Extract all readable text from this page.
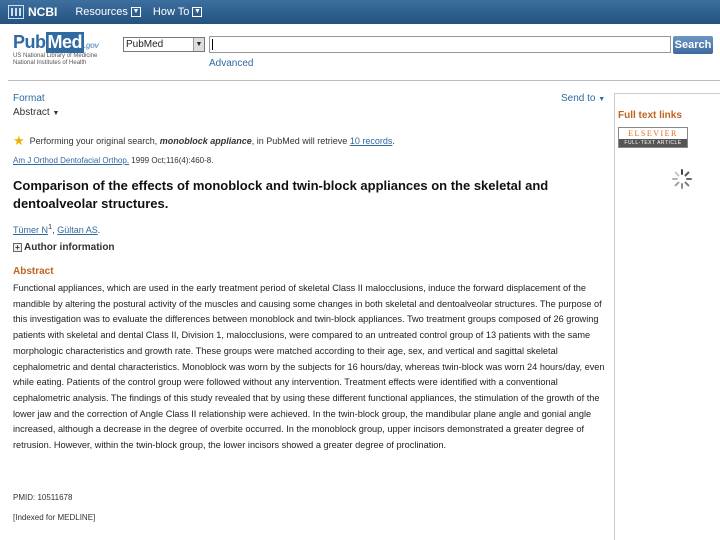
NCBI Resources ▼ How To ▼
Pub Med .gov
US National Library of Medicine
National Institutes of Health
PubMed	▼	Search
Advanced
Format
Abstract ▼
Send to ▼
Full text links
ELSEVIER
FULL-TEXT ARTICLE
★ Performing your original search,
monoblock appliance , in PubMed will retrieve
10 records .
Am J Orthod Dentofacial Orthop. 1999 Oct;116(4):460-8.
Comparison of the effects of monoblock and twin-block appliances on the skeletal and dentoalveolar structures.
Tümer $N^1$, Gültan AS.
+ Author information
Abstract
Functional appliances, which are used in the early treatment period of skeletal Class II malocclusions, induce the forward displacement of the mandible by altering the postural activity of the muscles and causing some changes in both skeletal and dentoalveolar structures. The purpose of this investigation was to evaluate the differences between monoblock and twin-block appliances. Two treatment groups composed of 26 growing patients with skeletal and dental Class II, Division 1, malocclusions, were compared to an untreated control group of 13 patients with the same morphologic characteristics and growth rate. These groups were matched according to their age, sex, and vertical and sagittal skeletal cephalometric and dental characteristics. Monoblock was worn by the subjects for 16 hours/day, whereas twin-block was worn 24 hours/day, even while eating. Patients of the control group were followed without any intervention. Treatment effects were identified with a conventional cephalometric analysis. The findings of this study revealed that by using these different functional appliances, the stimulation of the growth of the lower jaw and the correction of Angle Class II relationship were achieved. In the twin-block group, the mandibular plane angle and gonial angle increased, although a decrease in the degree of overbite occurred. In the monoblock group, upper incisors demonstrated a greater degree of retrusion. However, within the twin-block group, the lower incisors showed a greater degree of proclination.
PMID: 10511678
[Indexed for MEDLINE]
